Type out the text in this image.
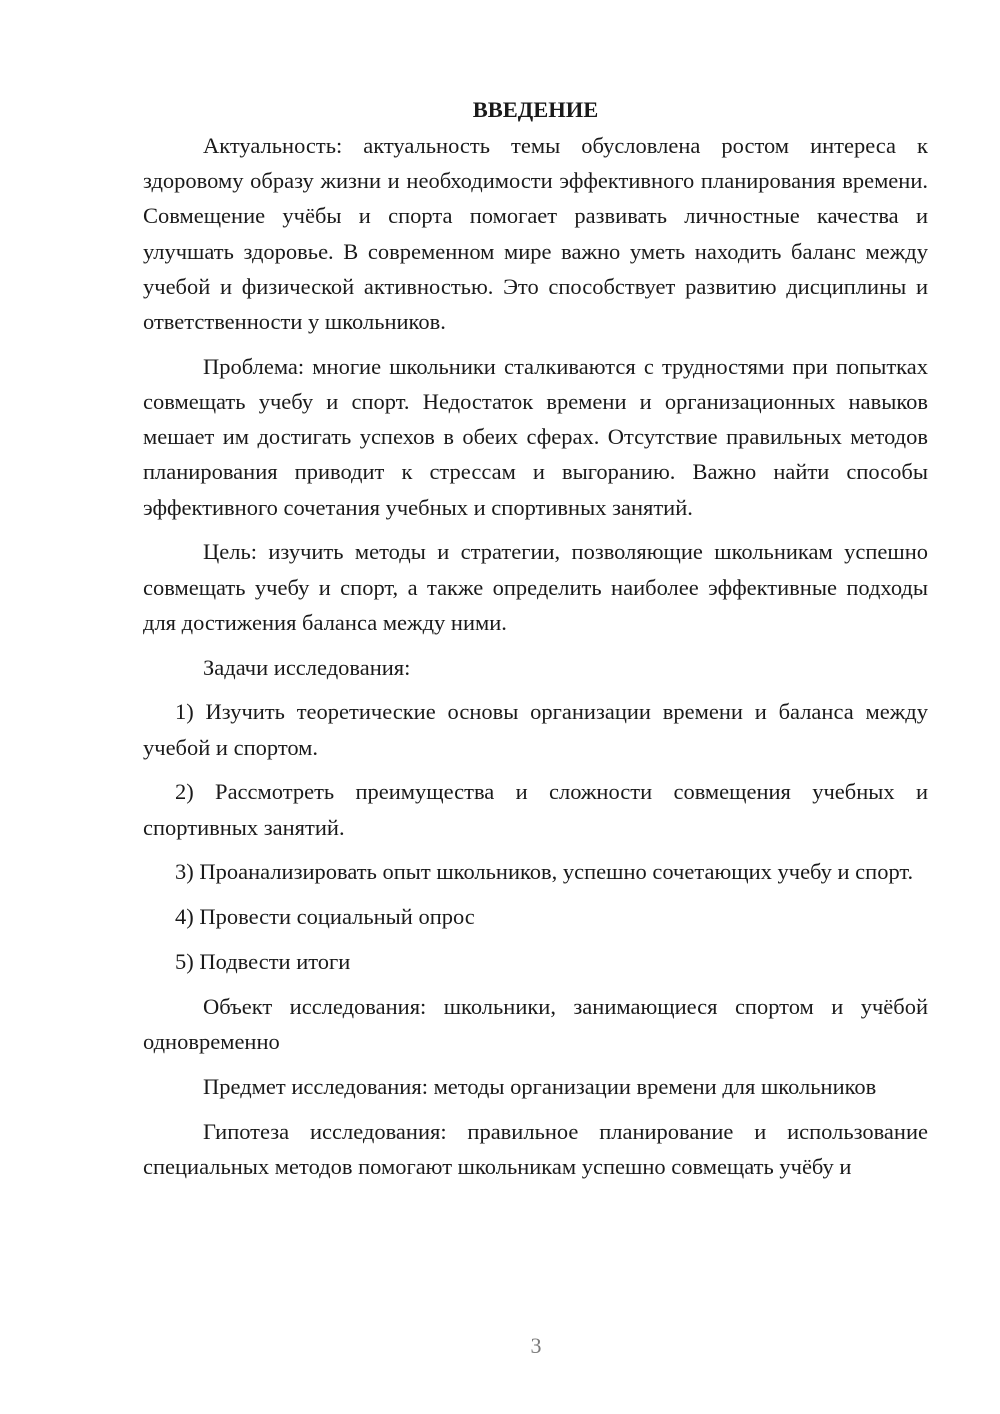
ВВЕДЕНИЕ

Актуальность: актуальность темы обусловлена ростом интереса к здоровому образу жизни и необходимости эффективного планирования времени. Совмещение учёбы и спорта помогает развивать личностные качества и улучшать здоровье. В современном мире важно уметь находить баланс между учебой и физической активностью. Это способствует развитию дисциплины и ответственности у школьников.

Проблема: многие школьники сталкиваются с трудностями при попытках совмещать учебу и спорт. Недостаток времени и организационных навыков мешает им достигать успехов в обеих сферах. Отсутствие правильных методов планирования приводит к стрессам и выгоранию. Важно найти способы эффективного сочетания учебных и спортивных занятий.

Цель: изучить методы и стратегии, позволяющие школьникам успешно совмещать учебу и спорт, а также определить наиболее эффективные подходы для достижения баланса между ними.

Задачи исследования:

1) Изучить теоретические основы организации времени и баланса между учебой и спортом.

2) Рассмотреть преимущества и сложности совмещения учебных и спортивных занятий.

3) Проанализировать опыт школьников, успешно сочетающих учебу и спорт.

4) Провести социальный опрос

5) Подвести итоги

Объект исследования: школьники, занимающиеся спортом и учёбой одновременно

Предмет исследования: методы организации времени для школьников

Гипотеза исследования: правильное планирование и использование специальных методов помогают школьникам успешно совмещать учёбу и

3
